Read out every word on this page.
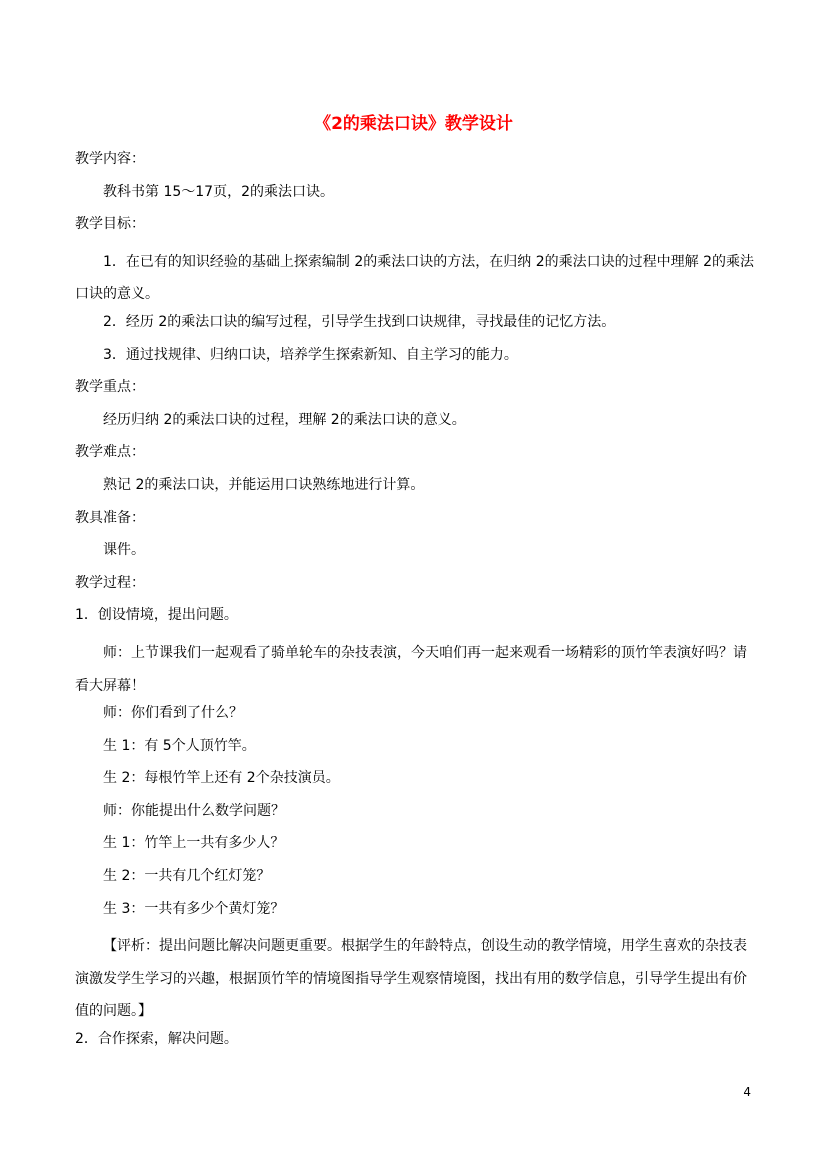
《2的乘法口诀》教学设计
教学内容：
教科书第 15～17页，2的乘法口诀。
教学目标：
1．在已有的知识经验的基础上探索编制 2的乘法口诀的方法，在归纳 2的乘法口诀的过程中理解 2的乘法口诀的意义。
2．经历 2的乘法口诀的编写过程，引导学生找到口诀规律，寻找最佳的记忆方法。
3．通过找规律、归纳口诀，培养学生探索新知、自主学习的能力。
教学重点：
经历归纳 2的乘法口诀的过程，理解 2的乘法口诀的意义。
教学难点：
熟记 2的乘法口诀，并能运用口诀熟练地进行计算。
教具准备：
课件。
教学过程：
1．创设情境，提出问题。
师：上节课我们一起观看了骑单轮车的杂技表演，今天咱们再一起来观看一场精彩的顶竹竿表演好吗？请看大屏幕！
师：你们看到了什么？
生 1：有 5个人顶竹竿。
生 2：每根竹竿上还有 2个杂技演员。
师：你能提出什么数学问题？
生 1：竹竿上一共有多少人？
生 2：一共有几个红灯笼？
生 3：一共有多少个黄灯笼？
【评析：提出问题比解决问题更重要。根据学生的年龄特点，创设生动的教学情境，用学生喜欢的杂技表演激发学生学习的兴趣，根据顶竹竿的情境图指导学生观察情境图，找出有用的数学信息，引导学生提出有价值的问题。】
2．合作探索，解决问题。
4
